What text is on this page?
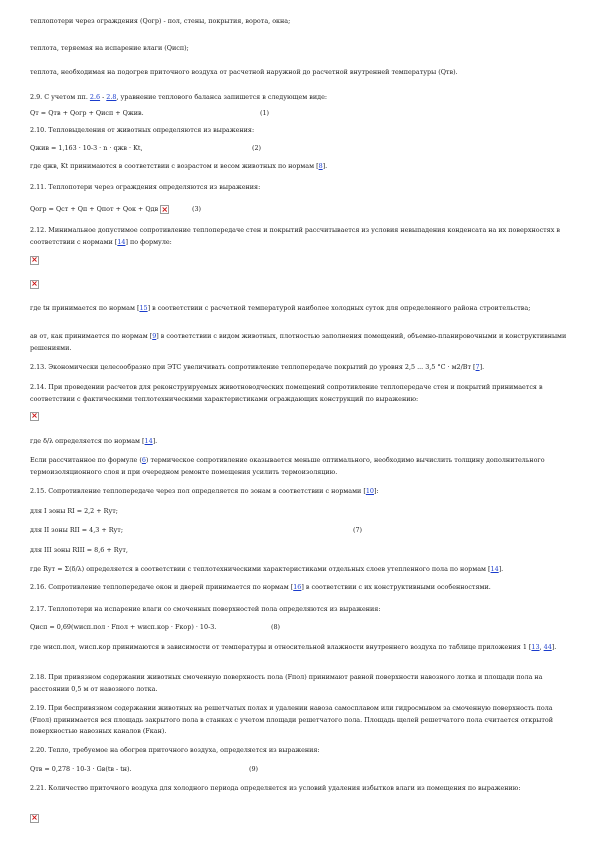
теплопотери через ограждения (Qогр) - пол, стены, покрытия, ворота, окна;
теплота, теряемая на испарение влаги (Qисп);
теплота, необходимая на подогрев приточного воздуха от расчетной наружной до расчетной внутренней температуры (Qтв).
2.9. С учетом пп. 2.6 - 2.8, уравнение теплового баланса запишется в следующем виде:
Qт = Qтв + Qогр + Qисп + Qжив.	(1)
2.10. Тепловыделения от животных определяются из выражения:
Qжив = 1,163 · 10-3 · n · qжв · Kt,	(2)
где qжв, Kt принимаются в соответствии с возрастом и весом животных по нормам [8].
2.11. Теплопотери через ограждения определяются из выражения:
Qогр = Qст + Qп + Qпот + Qок + Qдв ×	(3)
2.12. Минимальное допустимое сопротивление теплопередаче стен и покрытий рассчитывается из условия невыпадения конденсата на их поверхностях в соответствии с нормами [14] по формуле:
×
×
где tн принимается по нормам [15] в соответствии с расчетной температурой наиболее холодных суток для определенного района строительства;
aв от, как принимается по нормам [9] в соответствии с видом животных, плотностью заполнения помещений, объемно-планировочными и конструктивными решениями.
2.13. Экономически целесообразно при ЭТС увеличивать сопротивление теплопередаче покрытий до уровня 2,5 ... 3,5 °С · м2/Вт [7].
2.14. При проведении расчетов для реконструируемых животноводческих помещений сопротивление теплопередаче стен и покрытий принимается в соответствии с фактическими теплотехническими характеристиками ограждающих конструкций по выражению:
×
где δ/λ определяется по нормам [14].
Если рассчитанное по формуле (6) термическое сопротивление оказывается меньше оптимального, необходимо вычислить толщину дополнительного термоизоляционного слоя и при очередном ремонте помещения усилить термоизоляцию.
2.15. Сопротивление теплопередаче через пол определяется по зонам в соответствии с нормами [10]:
для I зоны RI = 2,2 + Rут;
для II зоны RII = 4,3 + Rут;	(7)
для III зоны RIII = 8,6 + Rут,
где Rут = Σ(δ/λ) определяется в соответствии с теплотехническими характеристиками отдельных слоев утепленного пола по нормам [14].
2.16. Сопротивление теплопередаче окон и дверей принимается по нормам [16] в соответствии с их конструктивными особенностями.
2.17. Теплопотери на испарение влаги со смоченных поверхностей пола определяются из выражения:
Qисп = 0,69(wисп.пол · Fпол + wисп.кор · Fкор) · 10-3.	(8)
где wисп.пол, wисп.кор принимаются в зависимости от температуры и относительной влажности внутреннего воздуха по таблице приложения 1 [13, 44].
2.18. При привязном содержании животных смоченную поверхность пола (Fпол) принимают равной поверхности навозного лотка и площади пола на расстоянии 0,5 м от навозного лотка.
2.19. При беспривязном содержании животных на решетчатых полах и удалении навоза самосплавом или гидросмывом за смоченную поверхность пола (Fпол) принимается вся площадь закрытого пола в станках с учетом площади решетчатого пола. Площадь щелей решетчатого пола считается открытой поверхностью навозных каналов (Fкан).
2.20. Тепло, требуемое на обогрев приточного воздуха, определяется из выражения:
Qтв = 0,278 · 10-3 · Gв(tв - tн).	(9)
2.21. Количество приточного воздуха для холодного периода определяется из условий удаления избытков влаги из помещения по выражению:
×
